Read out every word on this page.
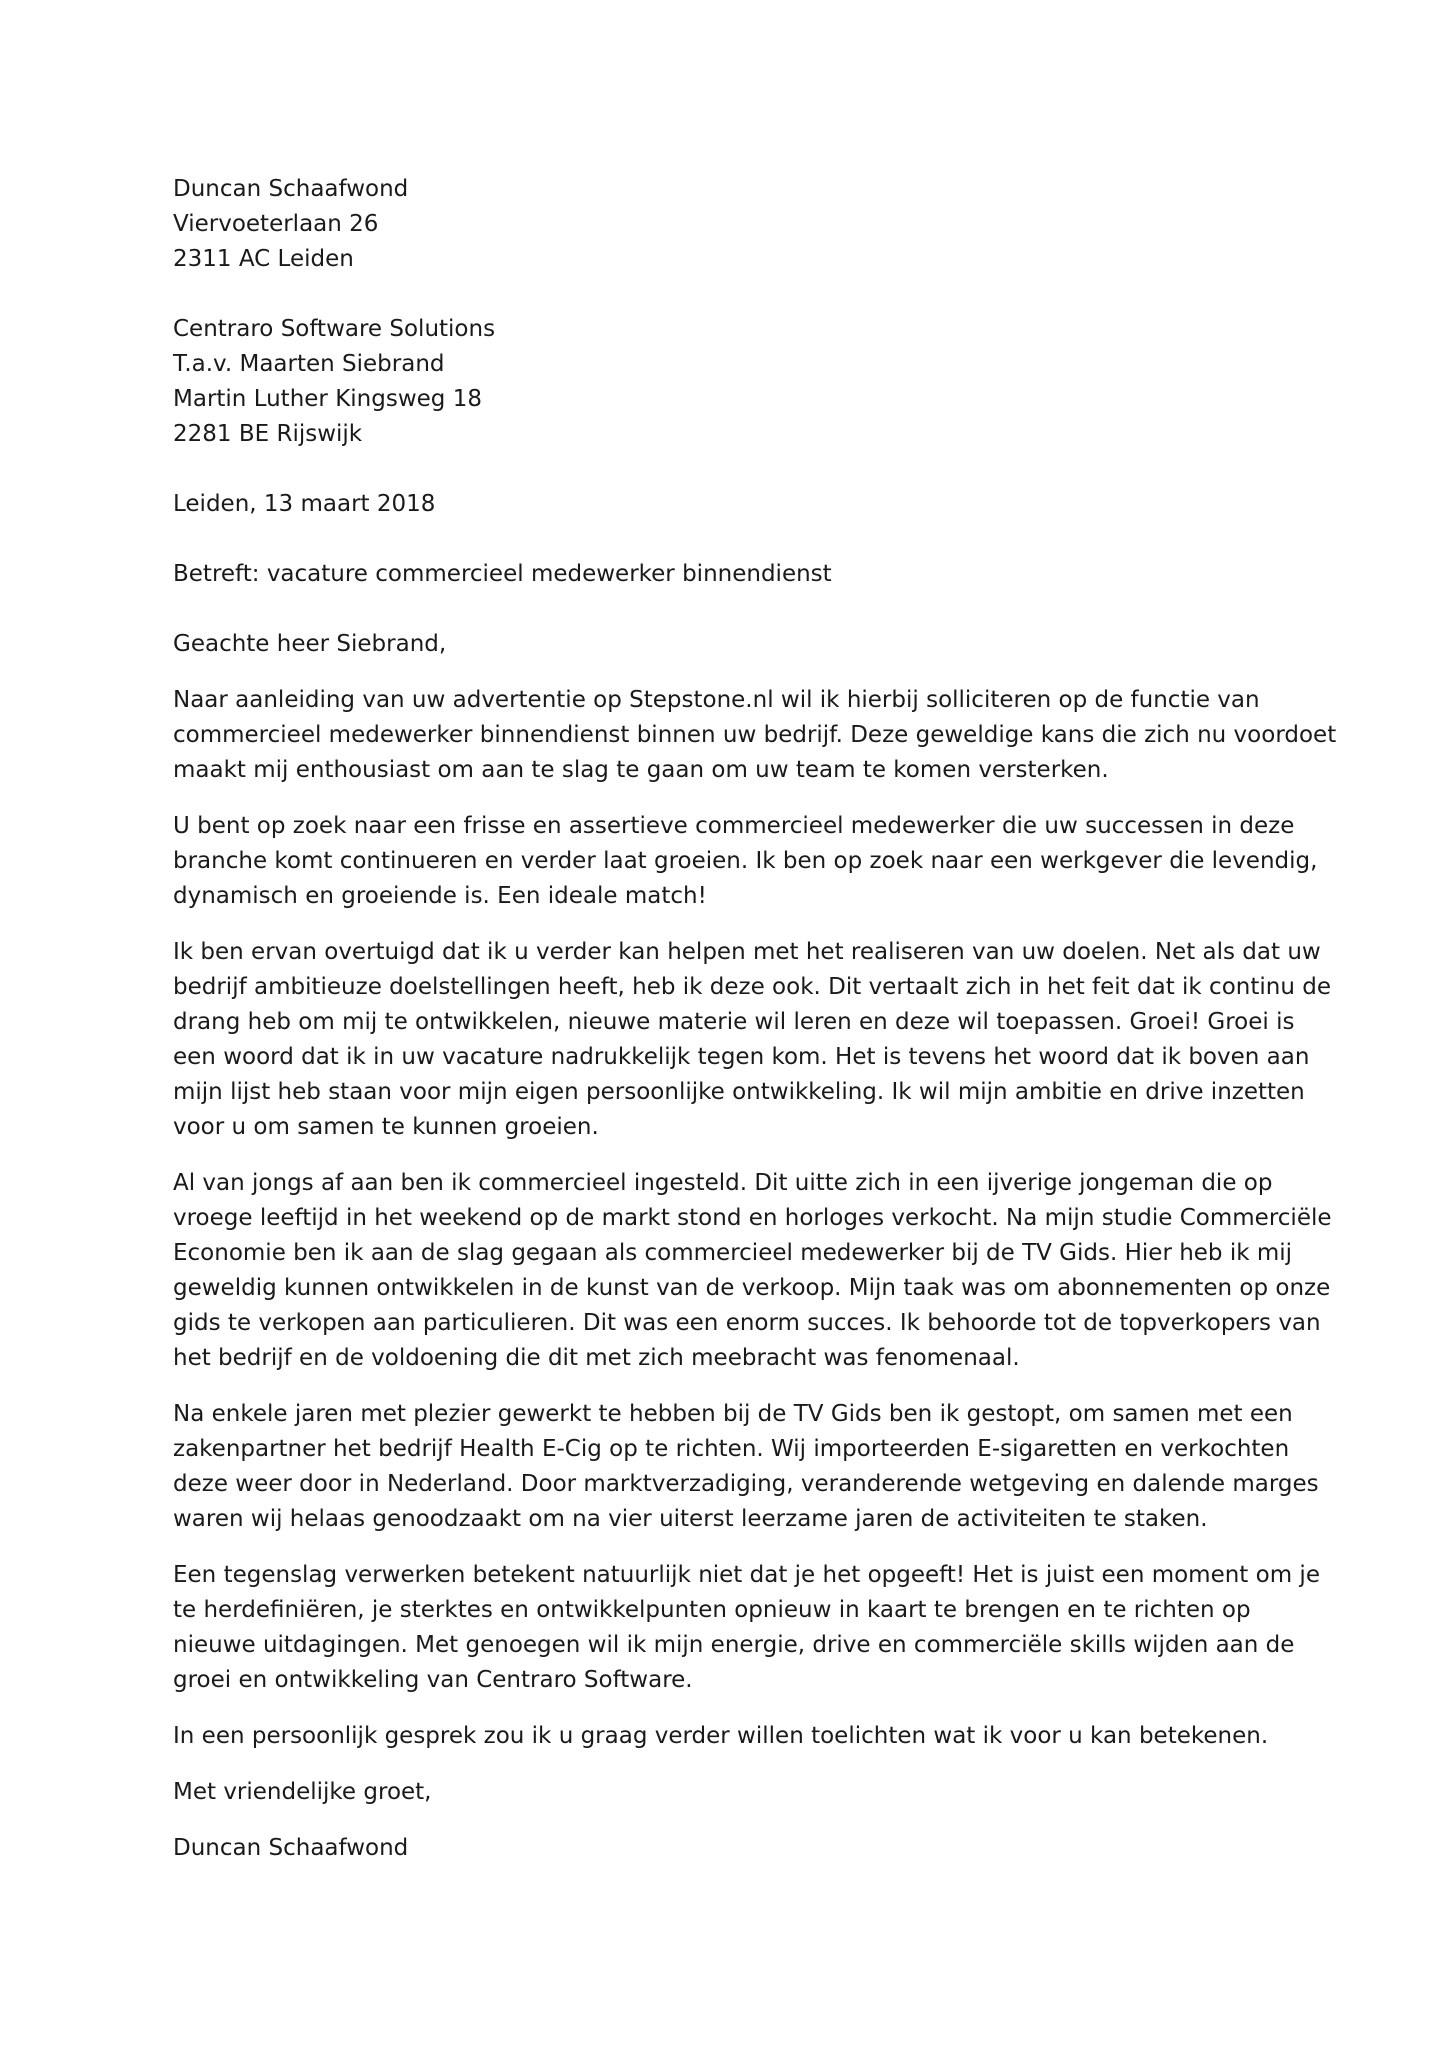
Duncan Schaafwond
Viervoeterlaan 26
2311 AC Leiden
Centraro Software Solutions
T.a.v. Maarten Siebrand
Martin Luther Kingsweg 18
2281 BE Rijswijk
Leiden, 13 maart 2018
Betreft: vacature commercieel medewerker binnendienst
Geachte heer Siebrand,
Naar aanleiding van uw advertentie op Stepstone.nl wil ik hierbij solliciteren op de functie van
commercieel medewerker binnendienst binnen uw bedrijf. Deze geweldige kans die zich nu voordoet
maakt mij enthousiast om aan te slag te gaan om uw team te komen versterken.
U bent op zoek naar een frisse en assertieve commercieel medewerker die uw successen in deze
branche komt continueren en verder laat groeien. Ik ben op zoek naar een werkgever die levendig,
dynamisch en groeiende is. Een ideale match!
Ik ben ervan overtuigd dat ik u verder kan helpen met het realiseren van uw doelen. Net als dat uw
bedrijf ambitieuze doelstellingen heeft, heb ik deze ook. Dit vertaalt zich in het feit dat ik continu de
drang heb om mij te ontwikkelen, nieuwe materie wil leren en deze wil toepassen. Groei! Groei is
een woord dat ik in uw vacature nadrukkelijk tegen kom. Het is tevens het woord dat ik boven aan
mijn lijst heb staan voor mijn eigen persoonlijke ontwikkeling. Ik wil mijn ambitie en drive inzetten
voor u om samen te kunnen groeien.
Al van jongs af aan ben ik commercieel ingesteld. Dit uitte zich in een ijverige jongeman die op
vroege leeftijd in het weekend op de markt stond en horloges verkocht. Na mijn studie Commerciële
Economie ben ik aan de slag gegaan als commercieel medewerker bij de TV Gids. Hier heb ik mij
geweldig kunnen ontwikkelen in de kunst van de verkoop. Mijn taak was om abonnementen op onze
gids te verkopen aan particulieren. Dit was een enorm succes. Ik behoorde tot de topverkopers van
het bedrijf en de voldoening die dit met zich meebracht was fenomenaal.
Na enkele jaren met plezier gewerkt te hebben bij de TV Gids ben ik gestopt, om samen met een
zakenpartner het bedrijf Health E-Cig op te richten. Wij importeerden E-sigaretten en verkochten
deze weer door in Nederland. Door marktverzadiging, veranderende wetgeving en dalende marges
waren wij helaas genoodzaakt om na vier uiterst leerzame jaren de activiteiten te staken.
Een tegenslag verwerken betekent natuurlijk niet dat je het opgeeft! Het is juist een moment om je
te herdefiniëren, je sterktes en ontwikkelpunten opnieuw in kaart te brengen en te richten op
nieuwe uitdagingen. Met genoegen wil ik mijn energie, drive en commerciële skills wijden aan de
groei en ontwikkeling van Centraro Software.
In een persoonlijk gesprek zou ik u graag verder willen toelichten wat ik voor u kan betekenen.
Met vriendelijke groet,
Duncan Schaafwond
